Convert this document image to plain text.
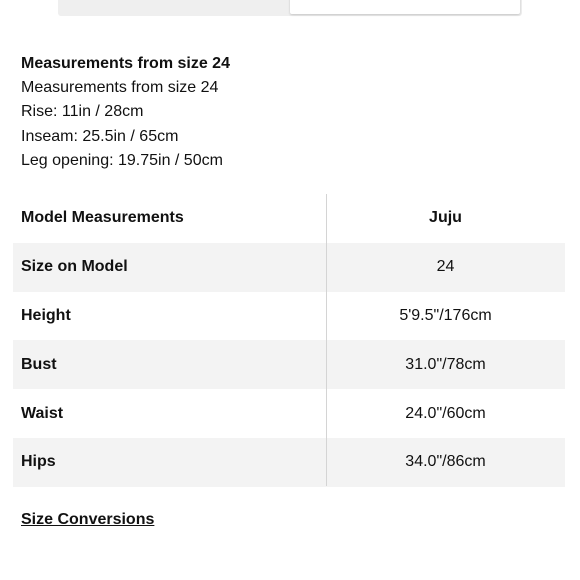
Measurements from size 24

Measurements from size 24

Rise: 11in / 28cm

Inseam: 25.5in / 65cm

Leg opening: 19.75in / 50cm

Model Measurements	Juju
Size on Model	24
Height	5'9.5"/176cm
Bust	31.0"/78cm
Waist	24.0"/60cm
Hips	34.0"/86cm
Size Conversions
